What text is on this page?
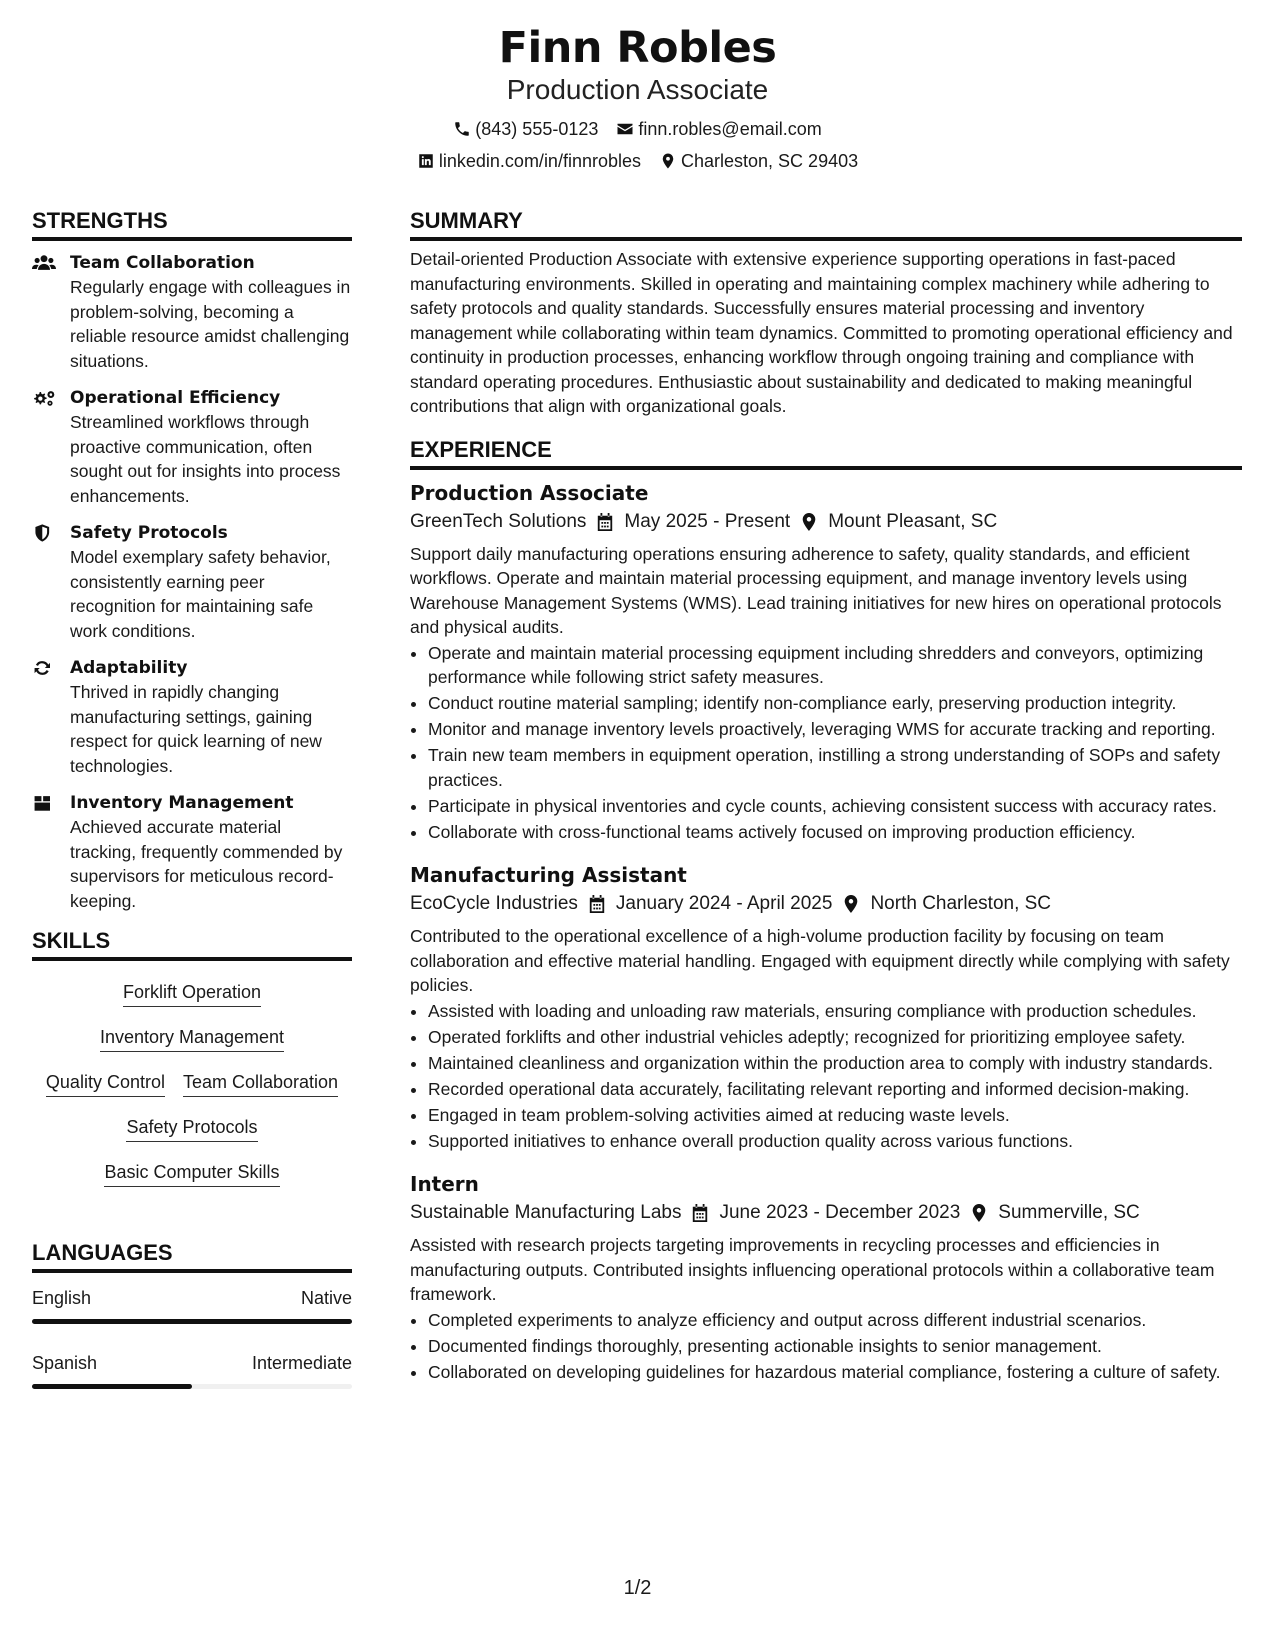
Finn Robles
Production Associate
(843) 555-0123 finn.robles@email.com
linkedin.com/in/finnrobles Charleston, SC 29403
STRENGTHS
Team Collaboration
Regularly engage with colleagues in problem-solving, becoming a reliable resource amidst challenging situations.
Operational Efficiency
Streamlined workflows through proactive communication, often sought out for insights into process enhancements.
Safety Protocols
Model exemplary safety behavior, consistently earning peer recognition for maintaining safe work conditions.
Adaptability
Thrived in rapidly changing manufacturing settings, gaining respect for quick learning of new technologies.
Inventory Management
Achieved accurate material tracking, frequently commended by supervisors for meticulous record-keeping.
SKILLS
Forklift Operation
Inventory Management
Quality Control Team Collaboration
Safety Protocols
Basic Computer Skills
LANGUAGES
English	Native
Spanish	Intermediate
SUMMARY
Detail-oriented Production Associate with extensive experience supporting operations in fast-paced manufacturing environments. Skilled in operating and maintaining complex machinery while adhering to safety protocols and quality standards. Successfully ensures material processing and inventory management while collaborating within team dynamics. Committed to promoting operational efficiency and continuity in production processes, enhancing workflow through ongoing training and compliance with standard operating procedures. Enthusiastic about sustainability and dedicated to making meaningful contributions that align with organizational goals.
EXPERIENCE
Production Associate
GreenTech Solutions May 2025 - Present Mount Pleasant, SC
Support daily manufacturing operations ensuring adherence to safety, quality standards, and efficient workflows. Operate and maintain material processing equipment, and manage inventory levels using Warehouse Management Systems (WMS). Lead training initiatives for new hires on operational protocols and physical audits.
• Operate and maintain material processing equipment including shredders and conveyors, optimizing performance while following strict safety measures.
• Conduct routine material sampling; identify non-compliance early, preserving production integrity.
• Monitor and manage inventory levels proactively, leveraging WMS for accurate tracking and reporting.
• Train new team members in equipment operation, instilling a strong understanding of SOPs and safety practices.
• Participate in physical inventories and cycle counts, achieving consistent success with accuracy rates.
• Collaborate with cross-functional teams actively focused on improving production efficiency.
Manufacturing Assistant
EcoCycle Industries January 2024 - April 2025 North Charleston, SC
Contributed to the operational excellence of a high-volume production facility by focusing on team collaboration and effective material handling. Engaged with equipment directly while complying with safety policies.
• Assisted with loading and unloading raw materials, ensuring compliance with production schedules.
• Operated forklifts and other industrial vehicles adeptly; recognized for prioritizing employee safety.
• Maintained cleanliness and organization within the production area to comply with industry standards.
• Recorded operational data accurately, facilitating relevant reporting and informed decision-making.
• Engaged in team problem-solving activities aimed at reducing waste levels.
• Supported initiatives to enhance overall production quality across various functions.
Intern
Sustainable Manufacturing Labs June 2023 - December 2023 Summerville, SC
Assisted with research projects targeting improvements in recycling processes and efficiencies in manufacturing outputs. Contributed insights influencing operational protocols within a collaborative team framework.
• Completed experiments to analyze efficiency and output across different industrial scenarios.
• Documented findings thoroughly, presenting actionable insights to senior management.
• Collaborated on developing guidelines for hazardous material compliance, fostering a culture of safety.
1/2
